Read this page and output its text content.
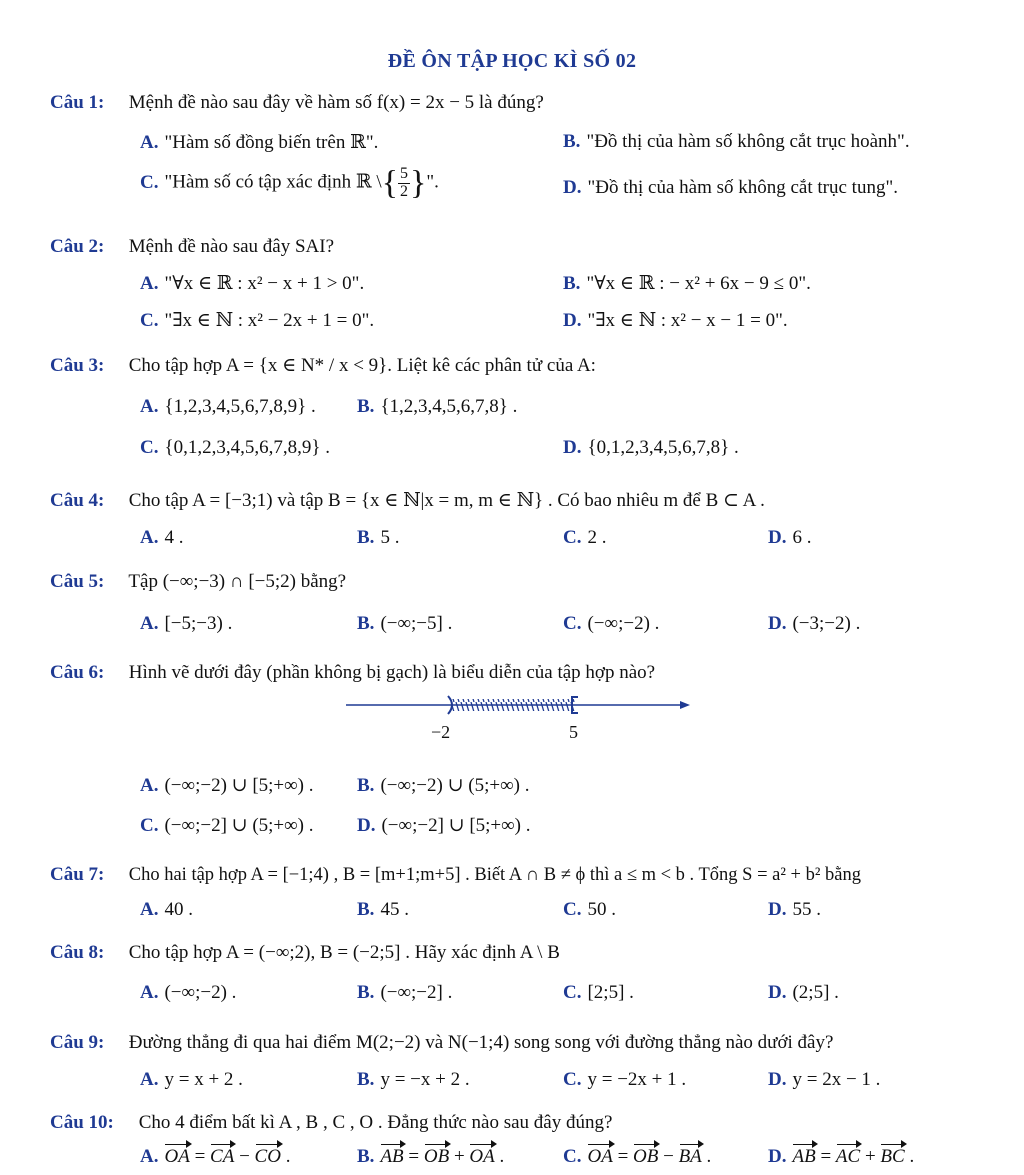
ĐỀ ÔN TẬP HỌC KÌ SỐ 02
Câu 1: Mệnh đề nào sau đây về hàm số f(x) = 2x − 5 là đúng?
A. "Hàm số đồng biến trên ℝ".	B. "Đồ thị của hàm số không cắt trục hoành".
C. "Hàm số có tập xác định ℝ \{ $\frac{5}{2}$ }".	D. "Đồ thị của hàm số không cắt trục tung".
Câu 2: Mệnh đề nào sau đây SAI?
A. "∀x ∈ ℝ : x² − x + 1 > 0".	B. "∀x ∈ ℝ : − x² + 6x − 9 ≤ 0".
C. "∃x ∈ ℕ : x² − 2x + 1 = 0".	D. "∃x ∈ ℕ : x² − x − 1 = 0".
Câu 3: Cho tập hợp A = {x ∈ N* / x < 9}. Liệt kê các phân tử của A:
A. {1,2,3,4,5,6,7,8,9} . B. {1,2,3,4,5,6,7,8} .
C. {0,1,2,3,4,5,6,7,8,9} .	D. {0,1,2,3,4,5,6,7,8} .
Câu 4: Cho tập A = [−3;1) và tập B = {x ∈ ℕ|x = m, m ∈ ℕ} . Có bao nhiêu m để B ⊂ A .
A. 4 .	B. 5 .	C. 2 .	D. 6 .
Câu 5: Tập (−∞;−3) ∩ [−5;2) bằng?
A. [−5;−3) .	B. (−∞;−5] .	C. (−∞;−2) .	D. (−3;−2) .
Câu 6: Hình vẽ dưới đây (phần không bị gạch) là biểu diễn của tập hợp nào?
−2	5
A. (−∞;−2) ∪ [5;+∞) . B. (−∞;−2) ∪ (5;+∞) .
C. (−∞;−2] ∪ (5;+∞) . D. (−∞;−2] ∪ [5;+∞) .
Câu 7: Cho hai tập hợp A = [−1;4) , B = [m+1;m+5] . Biết A ∩ B ≠ ϕ thì a ≤ m < b . Tổng S = a² + b² bằng
A. 40 .	B. 45 .	C. 50 .	D. 55 .
Câu 8: Cho tập hợp A = (−∞;2), B = (−2;5] . Hãy xác định A \ B
A. (−∞;−2) .	B. (−∞;−2] .	C. [2;5] .	D. (2;5] .
Câu 9: Đường thẳng đi qua hai điểm M(2;−2) và N(−1;4) song song với đường thẳng nào dưới đây?
A. y = x + 2 .	B. y = −x + 2 .	C. y = −2x + 1 .	D. y = 2x − 1 .
Câu 10: Cho 4 điểm bất kì A , B , C , O . Đẳng thức nào sau đây đúng?
A. OA = CA − CO .	B. AB = OB + OA .	C. OA = OB − BA .	D. AB = AC + BC .
